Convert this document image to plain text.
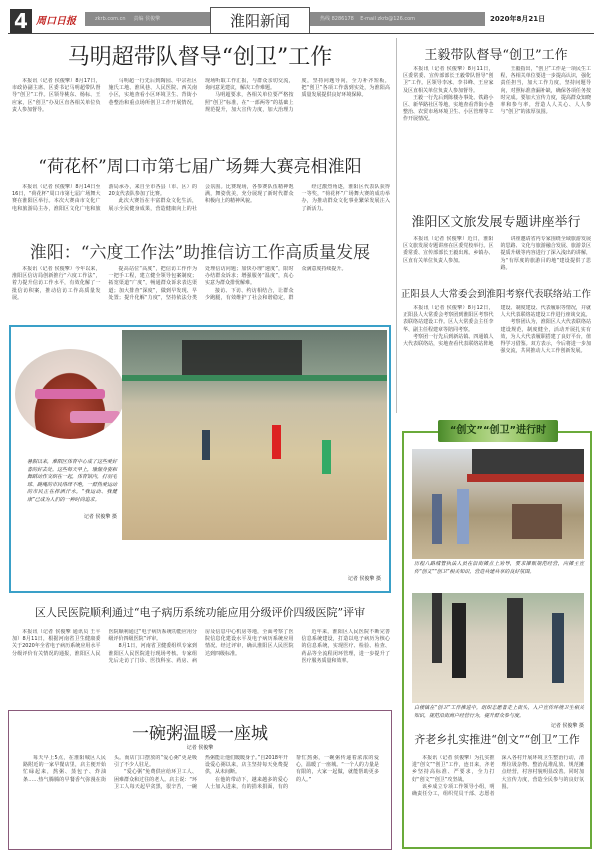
4 周口日报	zkrb.com.cn 责编 侯俊擎	淮阳新闻	热线 8286178 E-mail zkrb@126.com	2020年8月21日
马明超带队督导“创卫”工作

本报讯（记者 侯俊擎）8月17日，市政协副主席、区委书记马明超带队督导“创卫”工作。区领导桃东、杨标、王应家，区“创卫”办及区直各相关单位负责人参加督导。

马明超一行先后到陶园、中宗社区施氏工地、淮风巷、人民医院、西关南小区，实地查看小区环境卫生、背街小巷整治和重点场所创卫工作开展情况，现场听取工作汇报，与群众亲切交流，询问意见建议，解决工作难题。

马明超要求，各相关单位要严格按照“创卫”标准，在“一部两等”的基础上规范提升，加大宣传力度，加大治理力度，坚持问题导向，全力补齐短板，把“创卫”各项工作落到实处，为淮阳高质量发展提供良好环境保障。

“荷花杯”周口市第七届广场舞大赛亮相淮阳

本报讯（记者 侯俊擎）8月14日至16日，“荷花杯”周口市第七届广场舞大赛在淮阳区举行。本次大赛由市文化广电和旅游局主办，淮阳区文化广电和旅游局承办，来自全市各县（市、区）的20支代表队参加了比赛。

此次大赛旨在丰富群众文化生活，展示全民健身成果，营造健康向上的社会氛围。比赛现场，各参赛队伍精神饱满，舞姿优美，充分展现了新时代群众积极向上的精神风貌。

经过激烈角逐，淮阳区代表队获得一等奖，“荷花杯”广场舞大赛的成功举办，为推动群众文化事业繁荣发展注入了新活力。

淮阳：“六度工作法”助推信访工作高质量发展

本报讯（记者 侯俊擎）今年以来，淮阳区信访局创新推行“六度工作法”，着力提升信访工作水平，有效化解了一批信访积案，推动信访工作高质量发展。

提高站位“高度”，把信访工作作为一把手工程，建立健全领导包案制度；拓宽渠道“广度”，畅通群众诉求表达渠道；加大排查“深度”，做到早发现、早处置；提升化解“力度”，坚持依法分类处理信访问题；加快办理“速度”，限时办结群众诉求；增强服务“温度”，真心实意为群众排忧解难。

接访、下访、约访相结合，让群众少跑腿，有效维护了社会和谐稳定，群众满意度持续提升。

暑假以来，淮阳区体育中心成了这些爱好者的好去处。这些每天早上，瑜伽身姿和舞蹈动作交织在一起，体育馆内，打羽毛球、跳绳的市民络绎不绝，一群热爱运动的市民正在挥洒汗水，“我运动、我健康”已成为人们的一种时尚追求。
记者 侯俊擎 摄
记者 侯俊擎 摄
区人民医院顺利通过“电子病历系统功能应用分级评价四级医院”评审

本报讯（记者 侯俊擎 通讯员 王平加）8月11日，根据河南省卫生健康委关于2020年全省电子病历系统应用水平分级评价有关情况的通报，淮阳区人民医院顺利通过“电子病历系统功能应用分级评价四级医院”评审。

8月1日，河南省卫健委组织专家到淮阳区人民医院进行现场考核。专家组先后走访了门诊、医技科室、药房、病房及信息中心机房等地，全面考察了医院信息化建设水平及电子病历系统应用情况。经过评审，确认淮阳区人民医院达到四级标准。

近年来，淮阳区人民医院不断完善信息系统建设，打造以电子病历为核心的信息系统，实现医疗、检验、检查、药品等全流程闭环管理，进一步提升了医疗服务质量和效率。

一碗粥温暖一座城
记者 侯俊擎

每天早上5点，在淮阳城区人民路附近的一家早餐店里，店主便开始忙碌起来，熬粥、蒸包子、炸油条……热气腾腾的早餐香气弥漫在街头。而店门口摆放的“爱心粥”更是吸引了不少人驻足。

“爱心粥”免费供应给环卫工人、困难群众和过往的老人。店主说：“环卫工人每天起早贪黑，很辛苦，一碗热粥能让他们暖暖身子。”自2018年开设爱心粥以来，店主坚持每天免费提供，从未间断。

在他的带动下，越来越多的爱心人士加入进来，有的捐米捐面，有的帮忙熬粥，一碗粥传递着浓浓的爱心，温暖了一座城。“一个人的力量是有限的，大家一起做，就能帮助更多的人。”

王毅带队督导“创卫”工作

本报讯（记者 侯俊擎）8月11日，区委常委、宣传部部长王毅带队督导“创卫”工作。区领导李冰、李书峰、王应家及区直相关单位负责人参加督导。

王毅一行先后到陈楼办事处、铁路小区、新华路社区等地，实地查看背街小巷整治、农贸市场环境卫生、小区管理等工作开展情况。

王毅指出，“创卫”工作是一项民生工程，各相关单位要进一步提高认识，强化责任担当，加大工作力度，坚持问题导向，对照标准查漏补缺，确保各项任务按时完成。要加大宣传力度，提高群众知晓率和参与率，营造人人关心、人人参与“创卫”的浓厚氛围。

淮阳区文旅发展专题讲座举行

本报讯（记者 侯俊擎）近日，淮阳区文旅发展专题讲座在区委党校举行。区委常委、宣传部部长王毅出席。乡镇办、区直有关单位负责人参加。

讲座邀请省内专家围绕全域旅游发展的思路、文化与旅游融合发展、旅游景区提质升级等内容进行了深入浅出的讲解，为“有厚度的旅游目的地”建设提供了思路。

正阳县人大常委会到淮阳考察代表联络站工作

本报讯（记者 侯俊擎）8月12日，正阳县人大常委会考察团到淮阳区考察代表联络站建设工作。区人大常委会主任李华、副主任程建章等陪同考察。

考察团一行先后到新站镇、四通镇人大代表联络站，实地查看代表联络站阵地建设、制度建设、代表履职等情况，并就人大代表联络站建设工作进行座谈交流。

考察团认为，淮阳区人大代表联络站建设规范，制度健全，活动开展扎实有效，为人大代表履职搭建了良好平台，值得学习借鉴。双方表示，今后将进一步加强交流，共同推动人大工作创新发展。

“创文”“创卫”进行时
历程八路城管执法人员在沿街摊点上劝导，要求摊贩规范经营，向摊主宣传“创文”“创卫”相关知识，营造共建共享的良好氛围。
白楼镇在“创卫”工作推进中，组织志愿者走上街头，入户宣传环境卫生相关知识，规范沿街商户经营行为，提升群众参与度。
记者 侯俊擎 摄
齐老乡扎实推进“创文”“创卫”工作

本报讯（记者 侯俊擎）为扎实推进“创文”“创卫”工作，连日来，齐老乡坚持高标准、严要求，全力打好“创文”“创卫”攻坚战。

该乡成立专项工作领导小组，明确责任分工，组织党员干部、志愿者深入各村开展环境卫生整治行动，清理垃圾杂物、整治乱堆乱放、规范摊点经营，村容村貌明显改善。同时加大宣传力度，营造全民参与的良好氛围。
